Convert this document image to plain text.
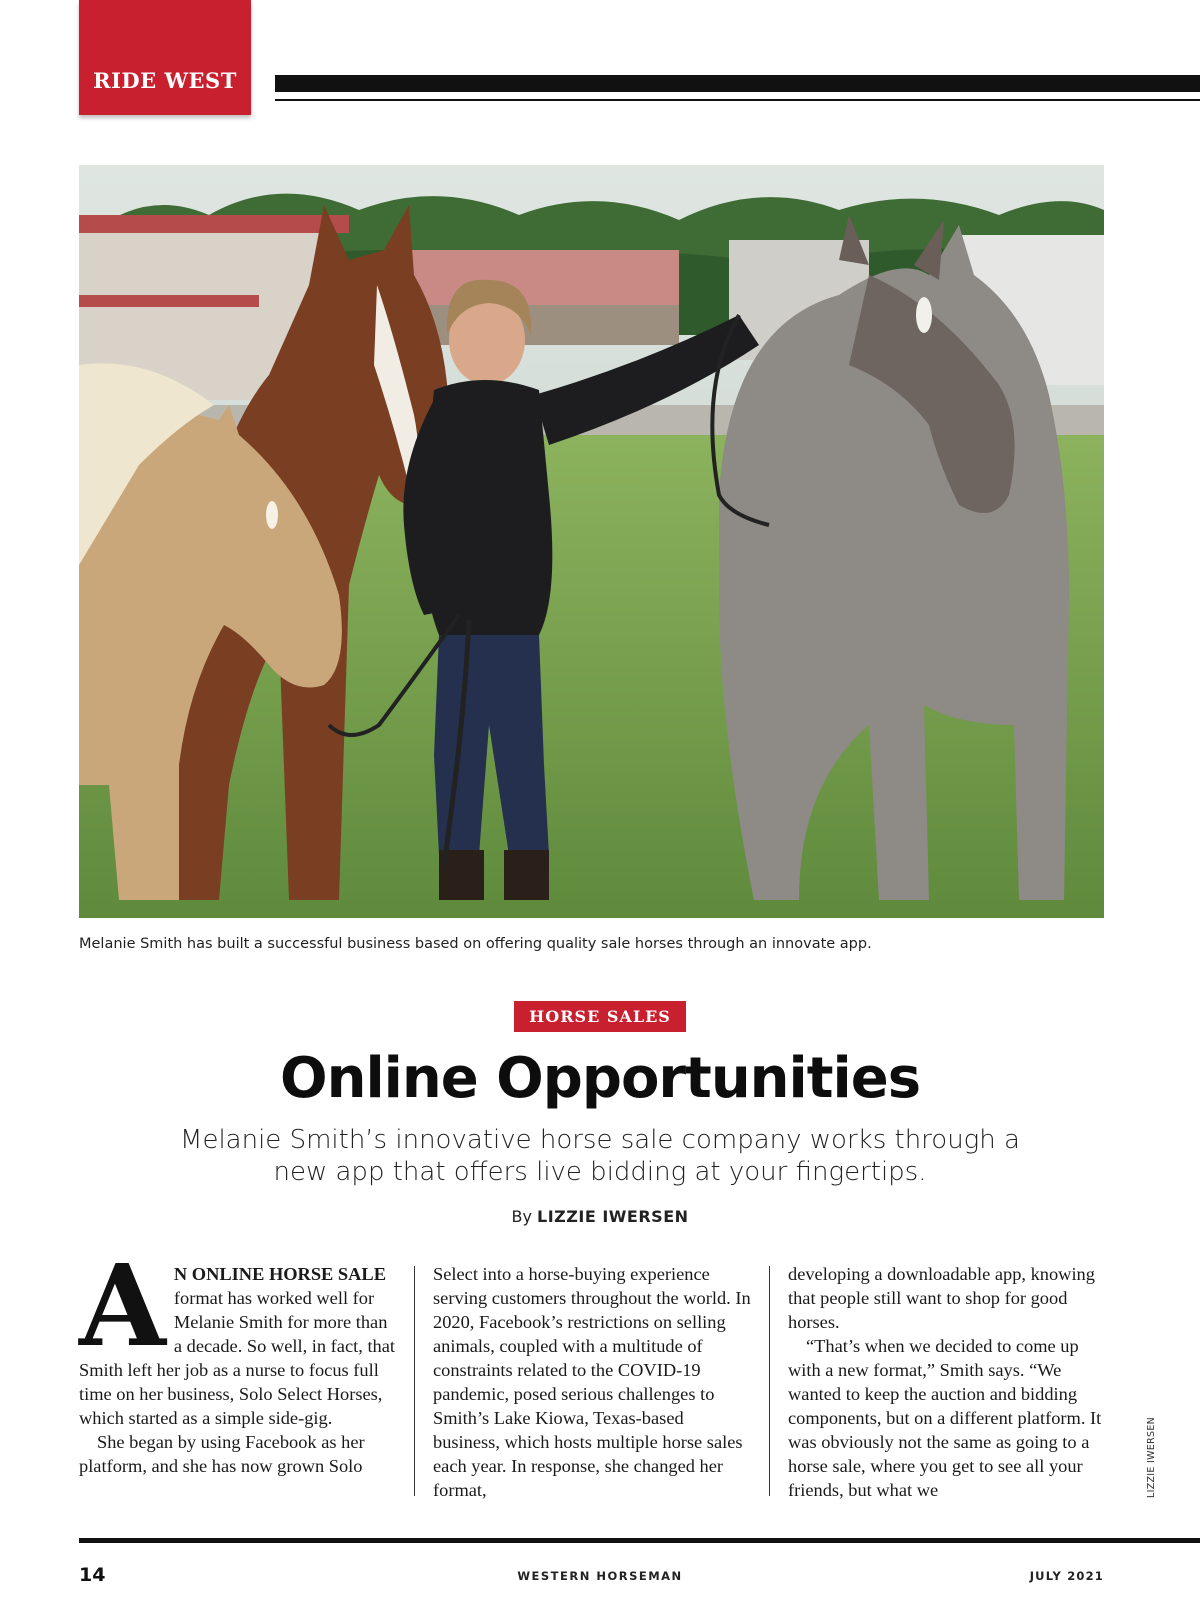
RIDE WEST
Melanie Smith has built a successful business based on offering quality sale horses through an innovate app.
HORSE SALES
Online Opportunities
Melanie Smith’s innovative horse sale company works through a new app that offers live bidding at your fingertips.
By LIZZIE IWERSEN

A N ONLINE HORSE SALE format has worked well for Melanie Smith for more than a decade. So well, in fact, that Smith left her job as a nurse to focus full time on her business, Solo Select Horses, which started as a simple side-gig.

She began by using Facebook as her platform, and she has now grown Solo

Select into a horse-buying experience serving customers throughout the world. In 2020, Facebook’s restrictions on selling animals, coupled with a multitude of constraints related to the COVID-19 pandemic, posed serious challenges to Smith’s Lake Kiowa, Texas-based business, which hosts multiple horse sales each year. In response, she changed her format,

developing a downloadable app, knowing that people still want to shop for good horses.

“That’s when we decided to come up with a new format,” Smith says. “We wanted to keep the auction and bidding components, but on a different platform. It was obviously not the same as going to a horse sale, where you get to see all your friends, but what we	LIZZIE IWERSEN
14	WESTERN HORSEMAN	JULY 2021
